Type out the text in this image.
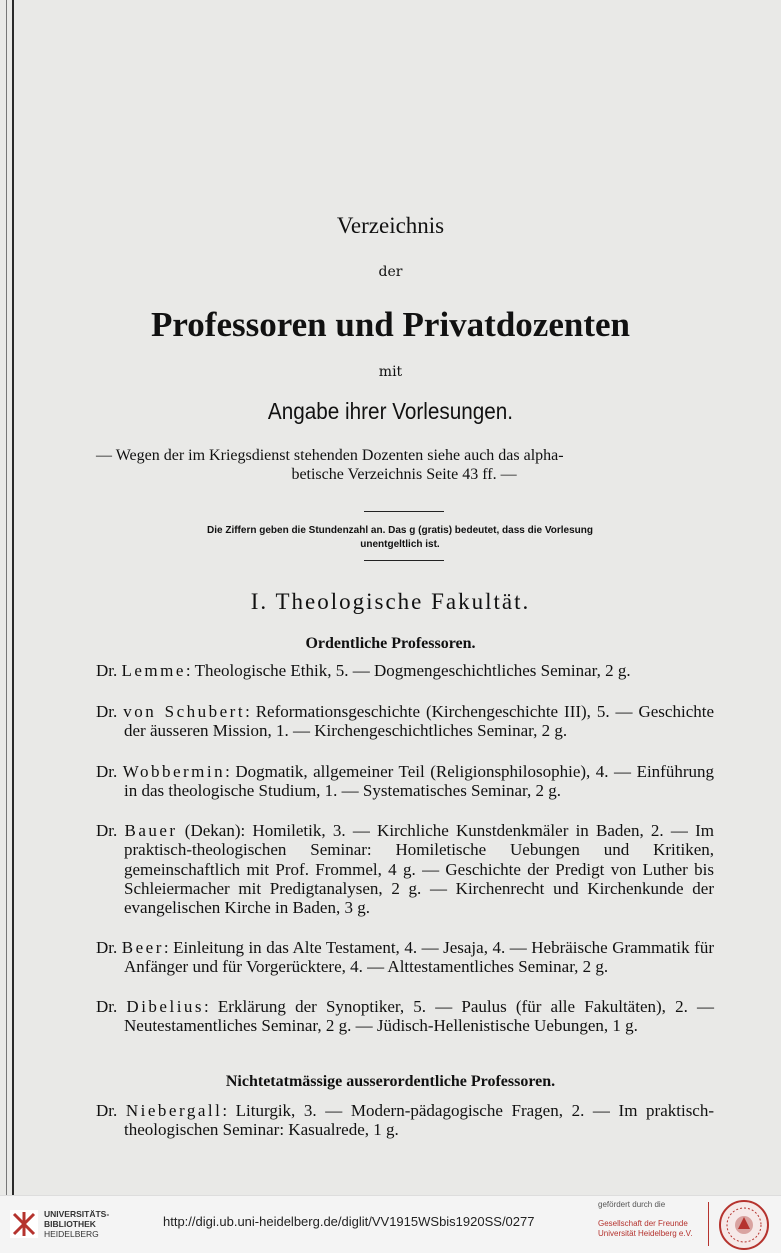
Verzeichnis
der
Professoren und Privatdozenten
mit
Angabe ihrer Vorlesungen.
— Wegen der im Kriegsdienst stehenden Dozenten siehe auch das alpha-
betische Verzeichnis Seite 43 ff. —
Die Ziffern geben die Stundenzahl an. Das g (gratis) bedeutet, dass die Vorlesung
unentgeltlich ist.
I. Theologische Fakultät.
Ordentliche Professoren.

Dr. Lemme: Theologische Ethik, 5. — Dogmengeschichtliches Seminar, 2 g.

Dr. von Schubert: Reformationsgeschichte (Kirchengeschichte III), 5. — Geschichte der äusseren Mission, 1. — Kirchengeschichtliches Seminar, 2 g.

Dr. Wobbermin: Dogmatik, allgemeiner Teil (Religionsphilosophie), 4. — Einführung in das theologische Studium, 1. — Systematisches Seminar, 2 g.

Dr. Bauer (Dekan): Homiletik, 3. — Kirchliche Kunstdenkmäler in Baden, 2. — Im praktisch-theologischen Seminar: Homiletische Uebungen und Kritiken, gemeinschaftlich mit Prof. Frommel, 4 g. — Geschichte der Predigt von Luther bis Schleiermacher mit Predigtanalysen, 2 g. — Kirchenrecht und Kirchenkunde der evangelischen Kirche in Baden, 3 g.

Dr. Beer: Einleitung in das Alte Testament, 4. — Jesaja, 4. — Hebräische Grammatik für Anfänger und für Vorgerücktere, 4. — Alttestamentliches Seminar, 2 g.

Dr. Dibelius: Erklärung der Synoptiker, 5. — Paulus (für alle Fakultäten), 2. — Neutestamentliches Seminar, 2 g. — Jüdisch-Hellenistische Uebungen, 1 g.

Nichtetatmässige ausserordentliche Professoren.

Dr. Niebergall: Liturgik, 3. — Modern-pädagogische Fragen, 2. — Im praktisch-theologischen Seminar: Kasualrede, 1 g.

UNIVERSITÄTS-
BIBLIOTHEK
HEIDELBERG
http://digi.ub.uni-heidelberg.de/diglit/VV1915WSbis1920SS/0277
gefördert durch die
Gesellschaft der Freunde
Universität Heidelberg e.V.
